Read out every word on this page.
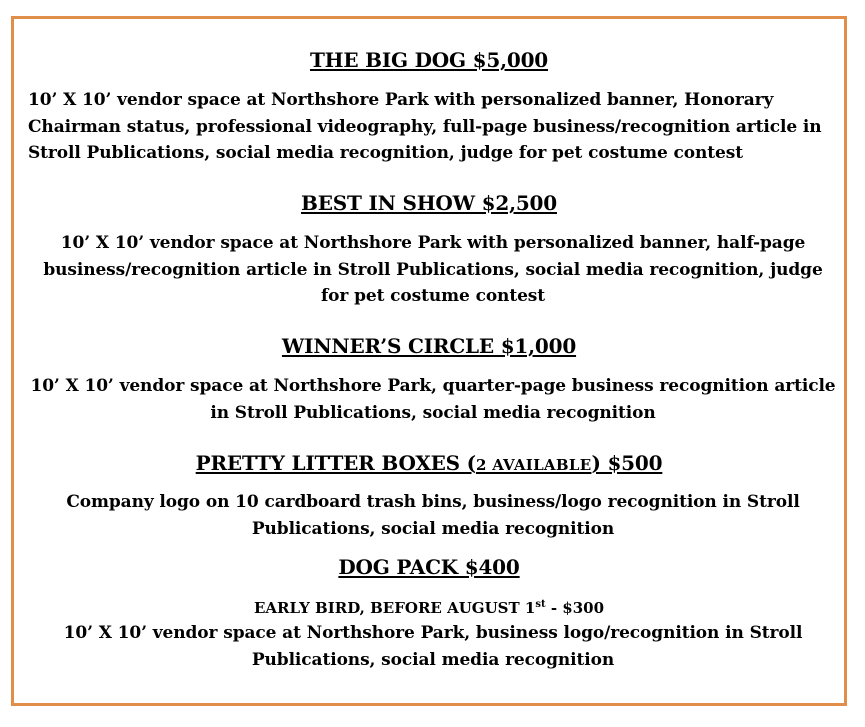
THE BIG DOG $5,000
10’ X 10’ vendor space at Northshore Park with personalized banner, Honorary Chairman status, professional videography, full-page business/recognition article in Stroll Publications, social media recognition, judge for pet costume contest
BEST IN SHOW $2,500
10’ X 10’ vendor space at Northshore Park with personalized banner, half-page business/recognition article in Stroll Publications, social media recognition, judge for pet costume contest
WINNER’S CIRCLE $1,000
10’ X 10’ vendor space at Northshore Park, quarter-page business recognition article in Stroll Publications, social media recognition
PRETTY LITTER BOXES (2 AVAILABLE) $500
Company logo on 10 cardboard trash bins, business/logo recognition in Stroll Publications, social media recognition
DOG PACK $400
EARLY BIRD, BEFORE AUGUST 1st - $300
10’ X 10’ vendor space at Northshore Park, business logo/recognition in Stroll Publications, social media recognition
